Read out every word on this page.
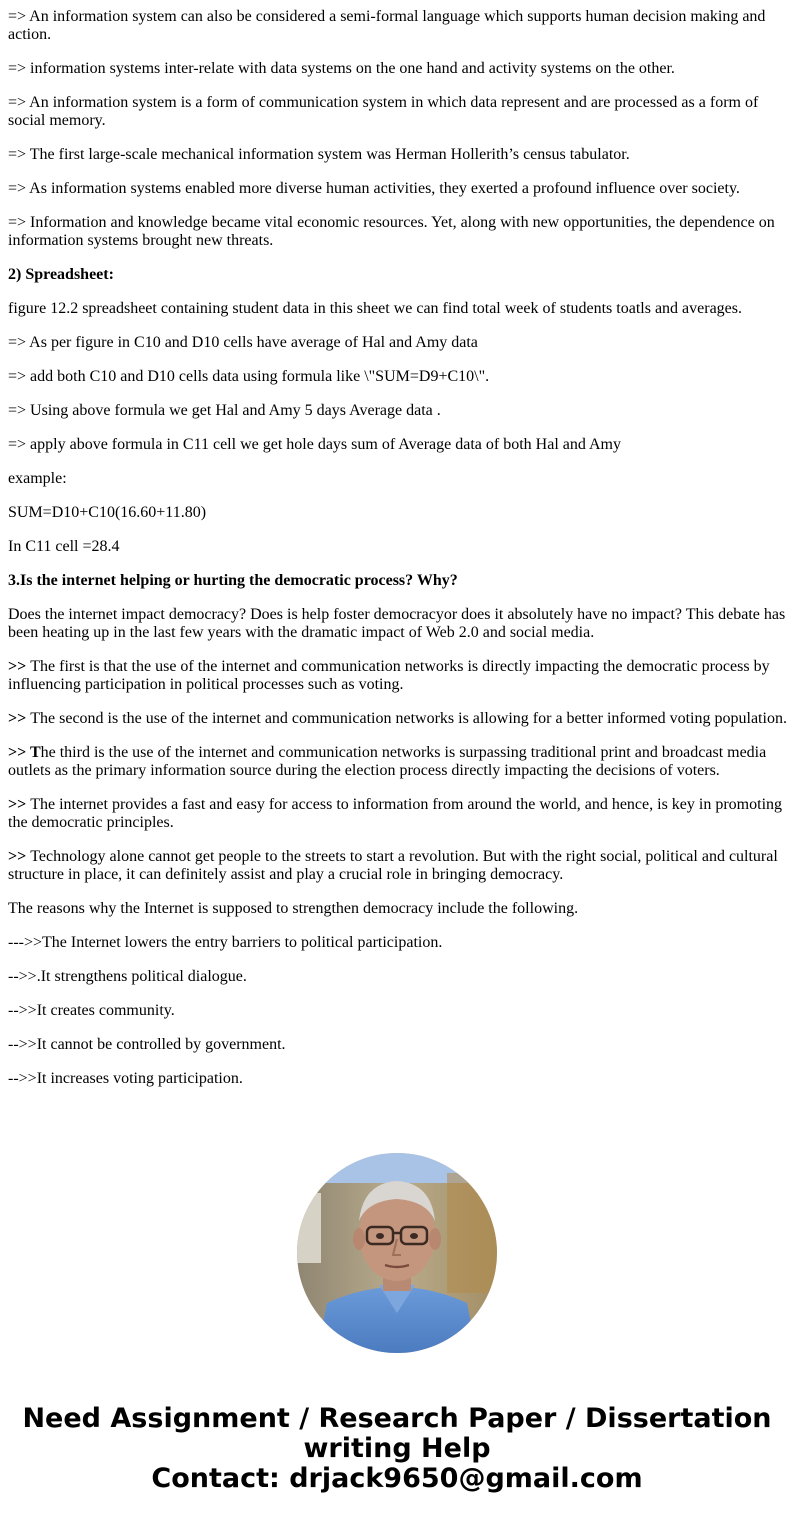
=> An information system can also be considered a semi-formal language which supports human decision making and action.

=> information systems inter-relate with data systems on the one hand and activity systems on the other.

=> An information system is a form of communication system in which data represent and are processed as a form of social memory.

=> The first large-scale mechanical information system was Herman Hollerith’s census tabulator.

=> As information systems enabled more diverse human activities, they exerted a profound influence over society.

=> Information and knowledge became vital economic resources. Yet, along with new opportunities, the dependence on information systems brought new threats.

2) Spreadsheet:

figure 12.2 spreadsheet containing student data in this sheet we can find total week of students toatls and averages.

=> As per figure in C10 and D10 cells have average of Hal and Amy data

=> add both C10 and D10 cells data using formula like \"SUM=D9+C10\".

=> Using above formula we get Hal and Amy 5 days Average data .

=> apply above formula in C11 cell we get hole days sum of Average data of both Hal and Amy

example:

SUM=D10+C10(16.60+11.80)

In C11 cell =28.4

3.Is the internet helping or hurting the democratic process? Why?

Does the internet impact democracy? Does is help foster democracyor does it absolutely have no impact? This debate has been heating up in the last few years with the dramatic impact of Web 2.0 and social media.

>> The first is that the use of the internet and communication networks is directly impacting the democratic process by influencing participation in political processes such as voting.

>> The second is the use of the internet and communication networks is allowing for a better informed voting population.

>> The third is the use of the internet and communication networks is surpassing traditional print and broadcast media outlets as the primary information source during the election process directly impacting the decisions of voters.

>> The internet provides a fast and easy for access to information from around the world, and hence, is key in promoting the democratic principles.

>> Technology alone cannot get people to the streets to start a revolution. But with the right social, political and cultural structure in place, it can definitely assist and play a crucial role in bringing democracy.

The reasons why the Internet is supposed to strengthen democracy include the following.

--->>The Internet lowers the entry barriers to political participation.

-->>.It strengthens political dialogue.

-->>It creates community.

-->>It cannot be controlled by government.

-->>It increases voting participation.

Need Assignment / Research Paper / Dissertation
writing Help
Contact: drjack9650@gmail.com
